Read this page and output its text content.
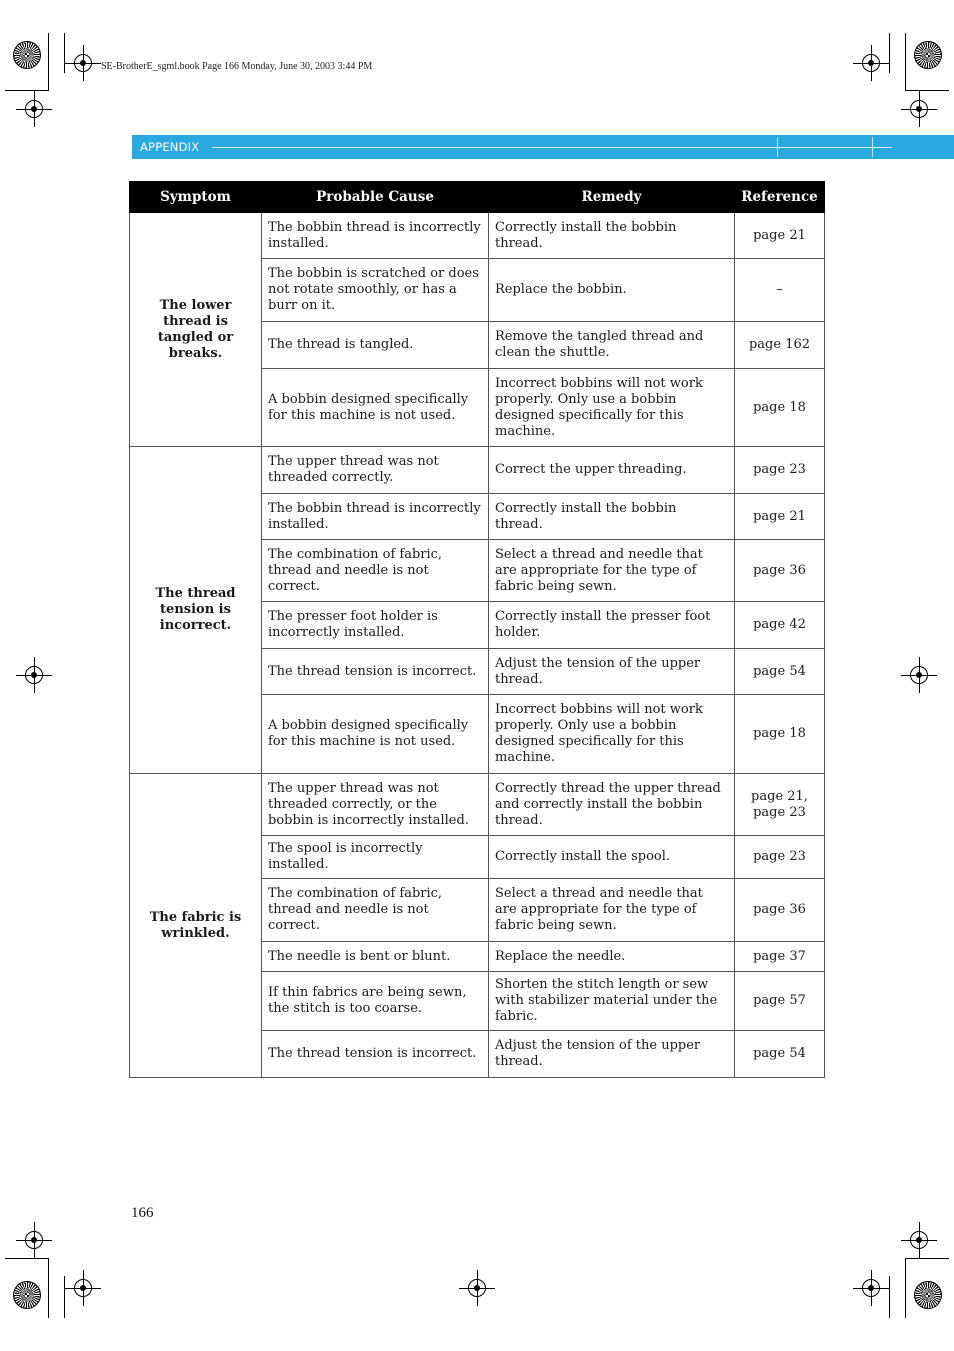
SE-BrotherE_sgml.book Page 166 Monday, June 30, 2003 3:44 PM
APPENDIX
Symptom	Probable Cause	Remedy	Reference
The lower thread is tangled or breaks.	The bobbin thread is incorrectly installed.	Correctly install the bobbin thread.	page 21
	The bobbin is scratched or does not rotate smoothly, or has a burr on it.	Replace the bobbin.	–
	The thread is tangled.	Remove the tangled thread and clean the shuttle.	page 162
	A bobbin designed specifically for this machine is not used.	Incorrect bobbins will not work properly. Only use a bobbin designed specifically for this machine.	page 18
The thread tension is incorrect.	The upper thread was not threaded correctly.	Correct the upper threading.	page 23
	The bobbin thread is incorrectly installed.	Correctly install the bobbin thread.	page 21
	The combination of fabric, thread and needle is not correct.	Select a thread and needle that are appropriate for the type of fabric being sewn.	page 36
	The presser foot holder is incorrectly installed.	Correctly install the presser foot holder.	page 42
	The thread tension is incorrect.	Adjust the tension of the upper thread.	page 54
	A bobbin designed specifically for this machine is not used.	Incorrect bobbins will not work properly. Only use a bobbin designed specifically for this machine.	page 18
The fabric is wrinkled.	The upper thread was not threaded correctly, or the bobbin is incorrectly installed.	Correctly thread the upper thread and correctly install the bobbin thread.	page 21, page 23
	The spool is incorrectly installed.	Correctly install the spool.	page 23
	The combination of fabric, thread and needle is not correct.	Select a thread and needle that are appropriate for the type of fabric being sewn.	page 36
	The needle is bent or blunt.	Replace the needle.	page 37
	If thin fabrics are being sewn, the stitch is too coarse.	Shorten the stitch length or sew with stabilizer material under the fabric.	page 57
	The thread tension is incorrect.	Adjust the tension of the upper thread.	page 54
166
